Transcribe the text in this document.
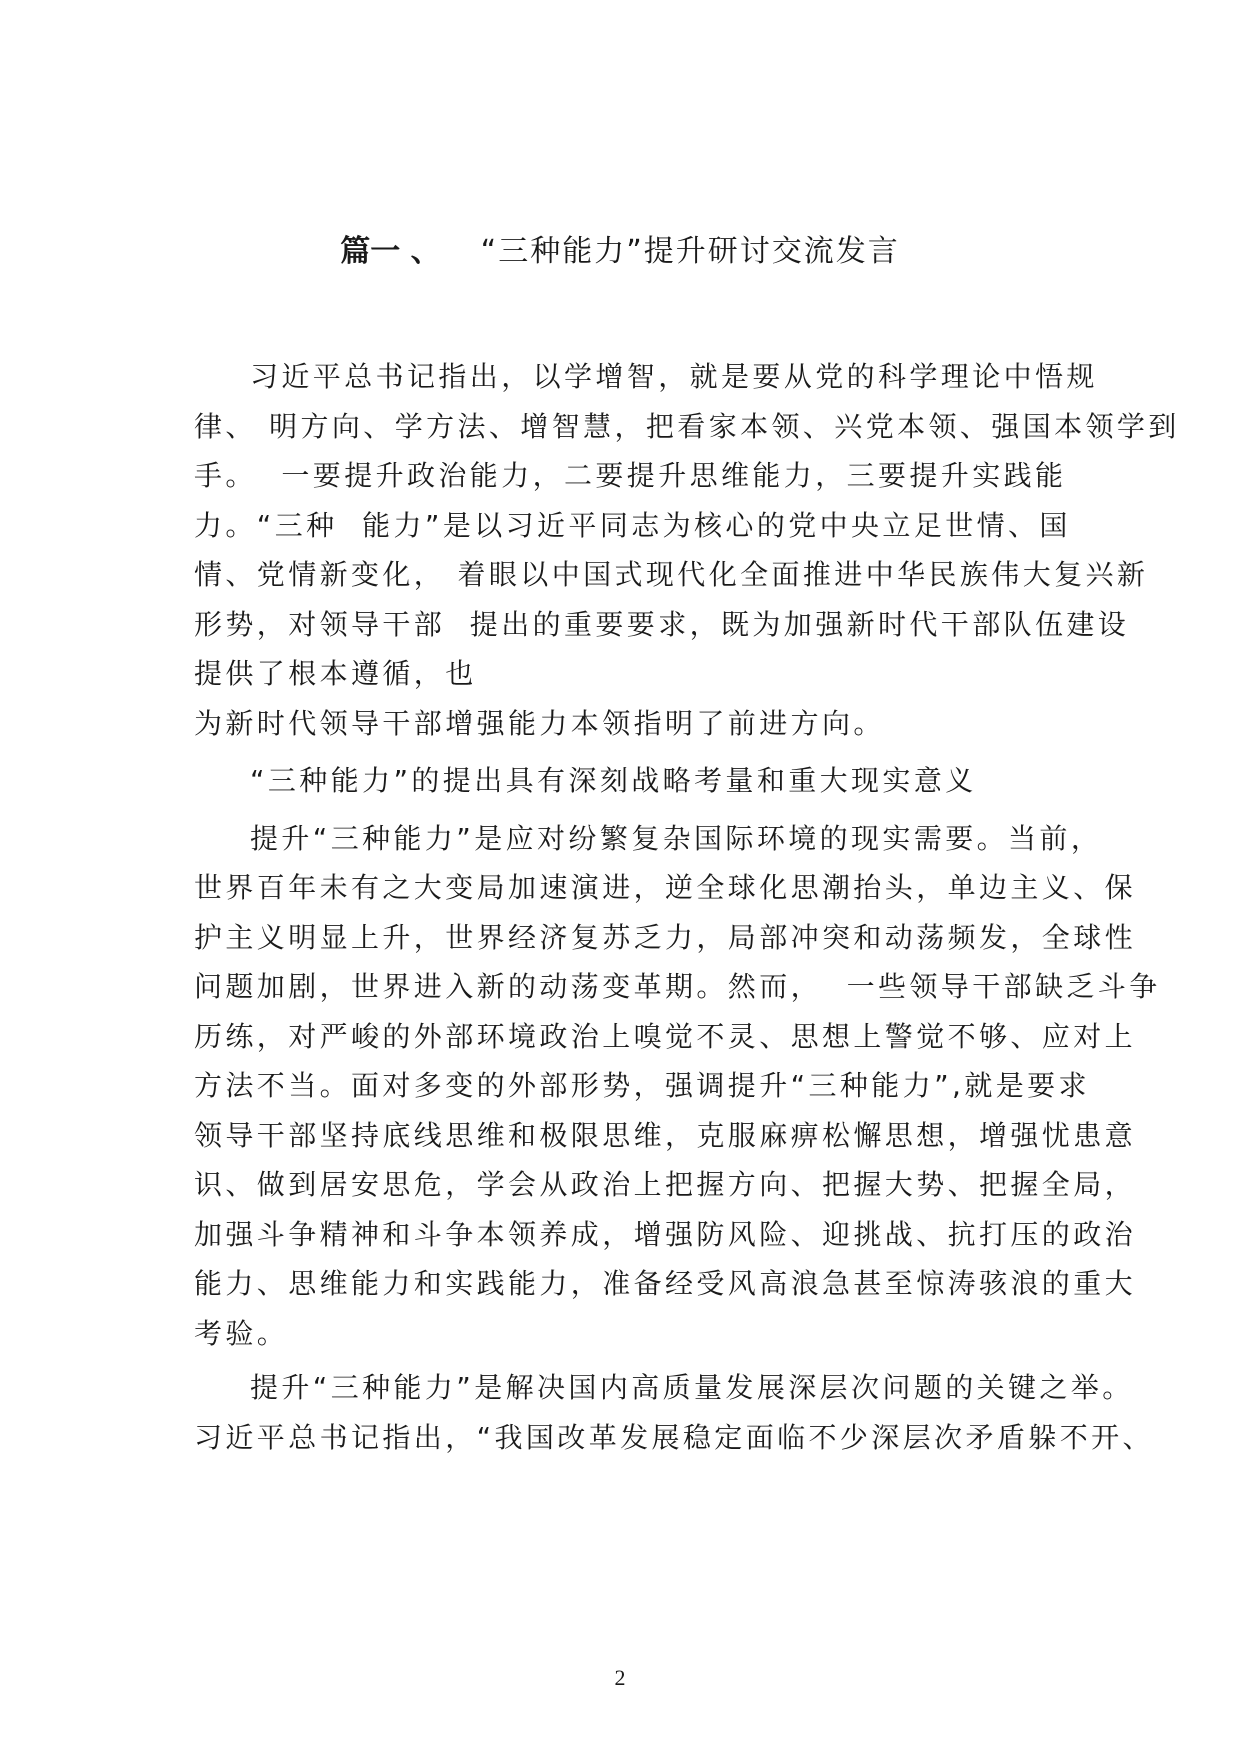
篇一 、 “三种能力”提升研讨交流发言
习近平总书记指出，以学增智，就是要从党的科学理论中悟规
律、 明方向、学方法、增智慧，把看家本领、兴党本领、强国本领学到
手。  一要提升政治能力，二要提升思维能力，三要提升实践能
力。“三种  能力”是以习近平同志为核心的党中央立足世情、国
情、党情新变化， 着眼以中国式现代化全面推进中华民族伟大复兴新
形势，对领导干部  提出的重要要求，既为加强新时代干部队伍建设
提供了根本遵循，也
为新时代领导干部增强能力本领指明了前进方向。
“三种能力”的提出具有深刻战略考量和重大现实意义
提升“三种能力”是应对纷繁复杂国际环境的现实需要。当前，
世界百年未有之大变局加速演进，逆全球化思潮抬头，单边主义、保
护主义明显上升，世界经济复苏乏力，局部冲突和动荡频发，全球性
问题加剧，世界进入新的动荡变革期。然而，  一些领导干部缺乏斗争
历练，对严峻的外部环境政治上嗅觉不灵、思想上警觉不够、应对上
方法不当。面对多变的外部形势，强调提升“三种能力”,就是要求
领导干部坚持底线思维和极限思维，克服麻痹松懈思想，增强忧患意
识、做到居安思危，学会从政治上把握方向、把握大势、把握全局，
加强斗争精神和斗争本领养成，增强防风险、迎挑战、抗打压的政治
能力、思维能力和实践能力，准备经受风高浪急甚至惊涛骇浪的重大
考验。
提升“三种能力”是解决国内高质量发展深层次问题的关键之举。
习近平总书记指出，“我国改革发展稳定面临不少深层次矛盾躲不开、
2
